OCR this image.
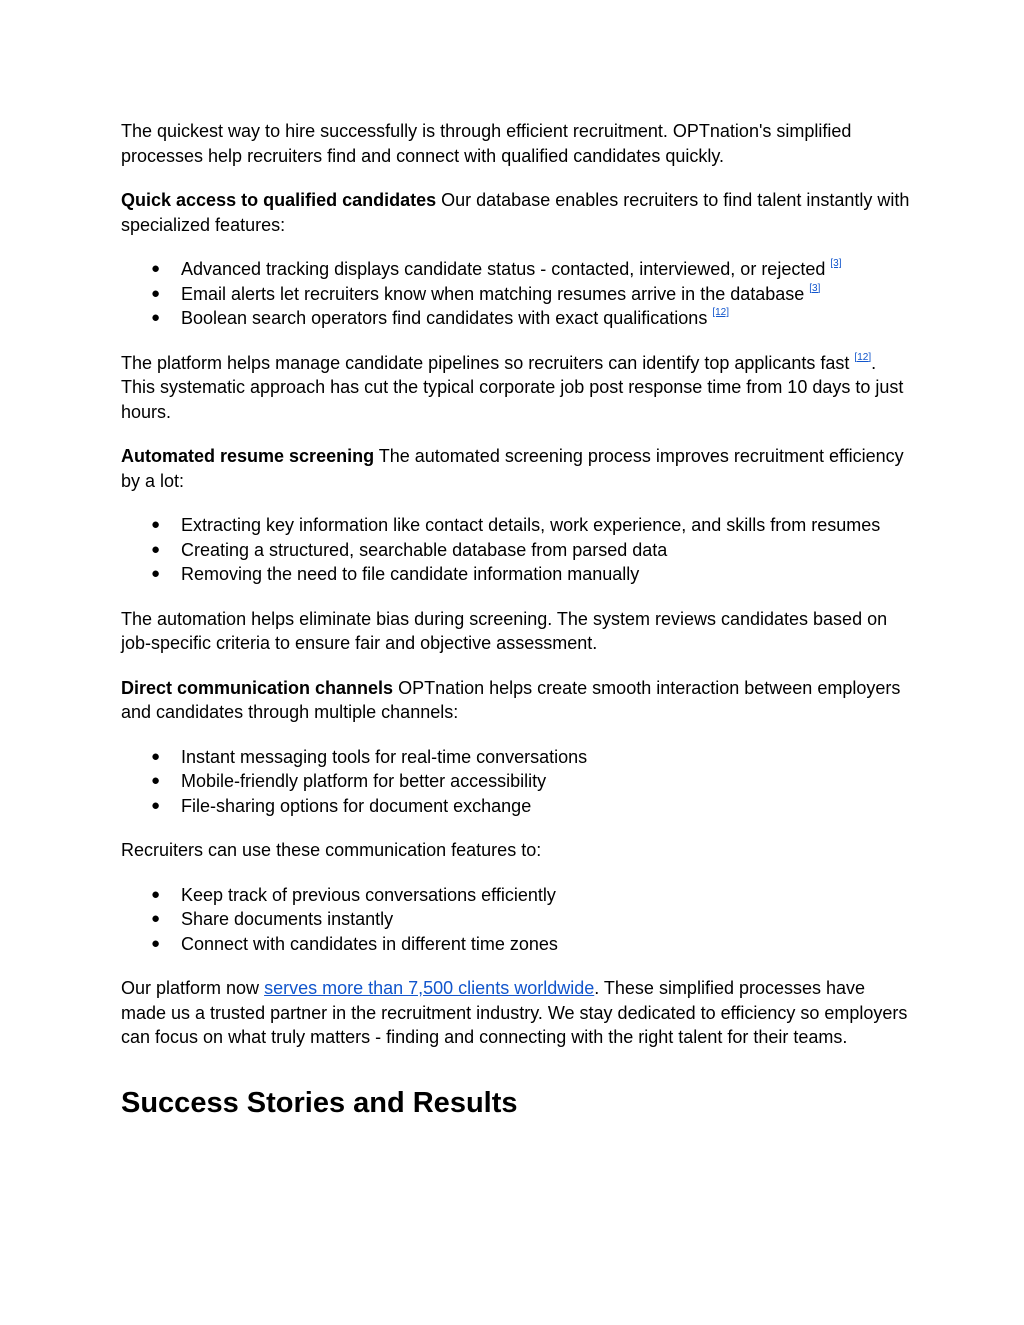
The quickest way to hire successfully is through efficient recruitment. OPTnation's simplified processes help recruiters find and connect with qualified candidates quickly.

Quick access to qualified candidates Our database enables recruiters to find talent instantly with specialized features:

● Advanced tracking displays candidate status - contacted, interviewed, or rejected [3]
● Email alerts let recruiters know when matching resumes arrive in the database [3]
● Boolean search operators find candidates with exact qualifications [12]

The platform helps manage candidate pipelines so recruiters can identify top applicants fast [12]. This systematic approach has cut the typical corporate job post response time from 10 days to just hours.

Automated resume screening The automated screening process improves recruitment efficiency by a lot:

● Extracting key information like contact details, work experience, and skills from resumes
● Creating a structured, searchable database from parsed data
● Removing the need to file candidate information manually

The automation helps eliminate bias during screening. The system reviews candidates based on job-specific criteria to ensure fair and objective assessment.

Direct communication channels OPTnation helps create smooth interaction between employers and candidates through multiple channels:

● Instant messaging tools for real-time conversations
● Mobile-friendly platform for better accessibility
● File-sharing options for document exchange

Recruiters can use these communication features to:

● Keep track of previous conversations efficiently
● Share documents instantly
● Connect with candidates in different time zones

Our platform now serves more than 7,500 clients worldwide. These simplified processes have made us a trusted partner in the recruitment industry. We stay dedicated to efficiency so employers can focus on what truly matters - finding and connecting with the right talent for their teams.

Success Stories and Results
